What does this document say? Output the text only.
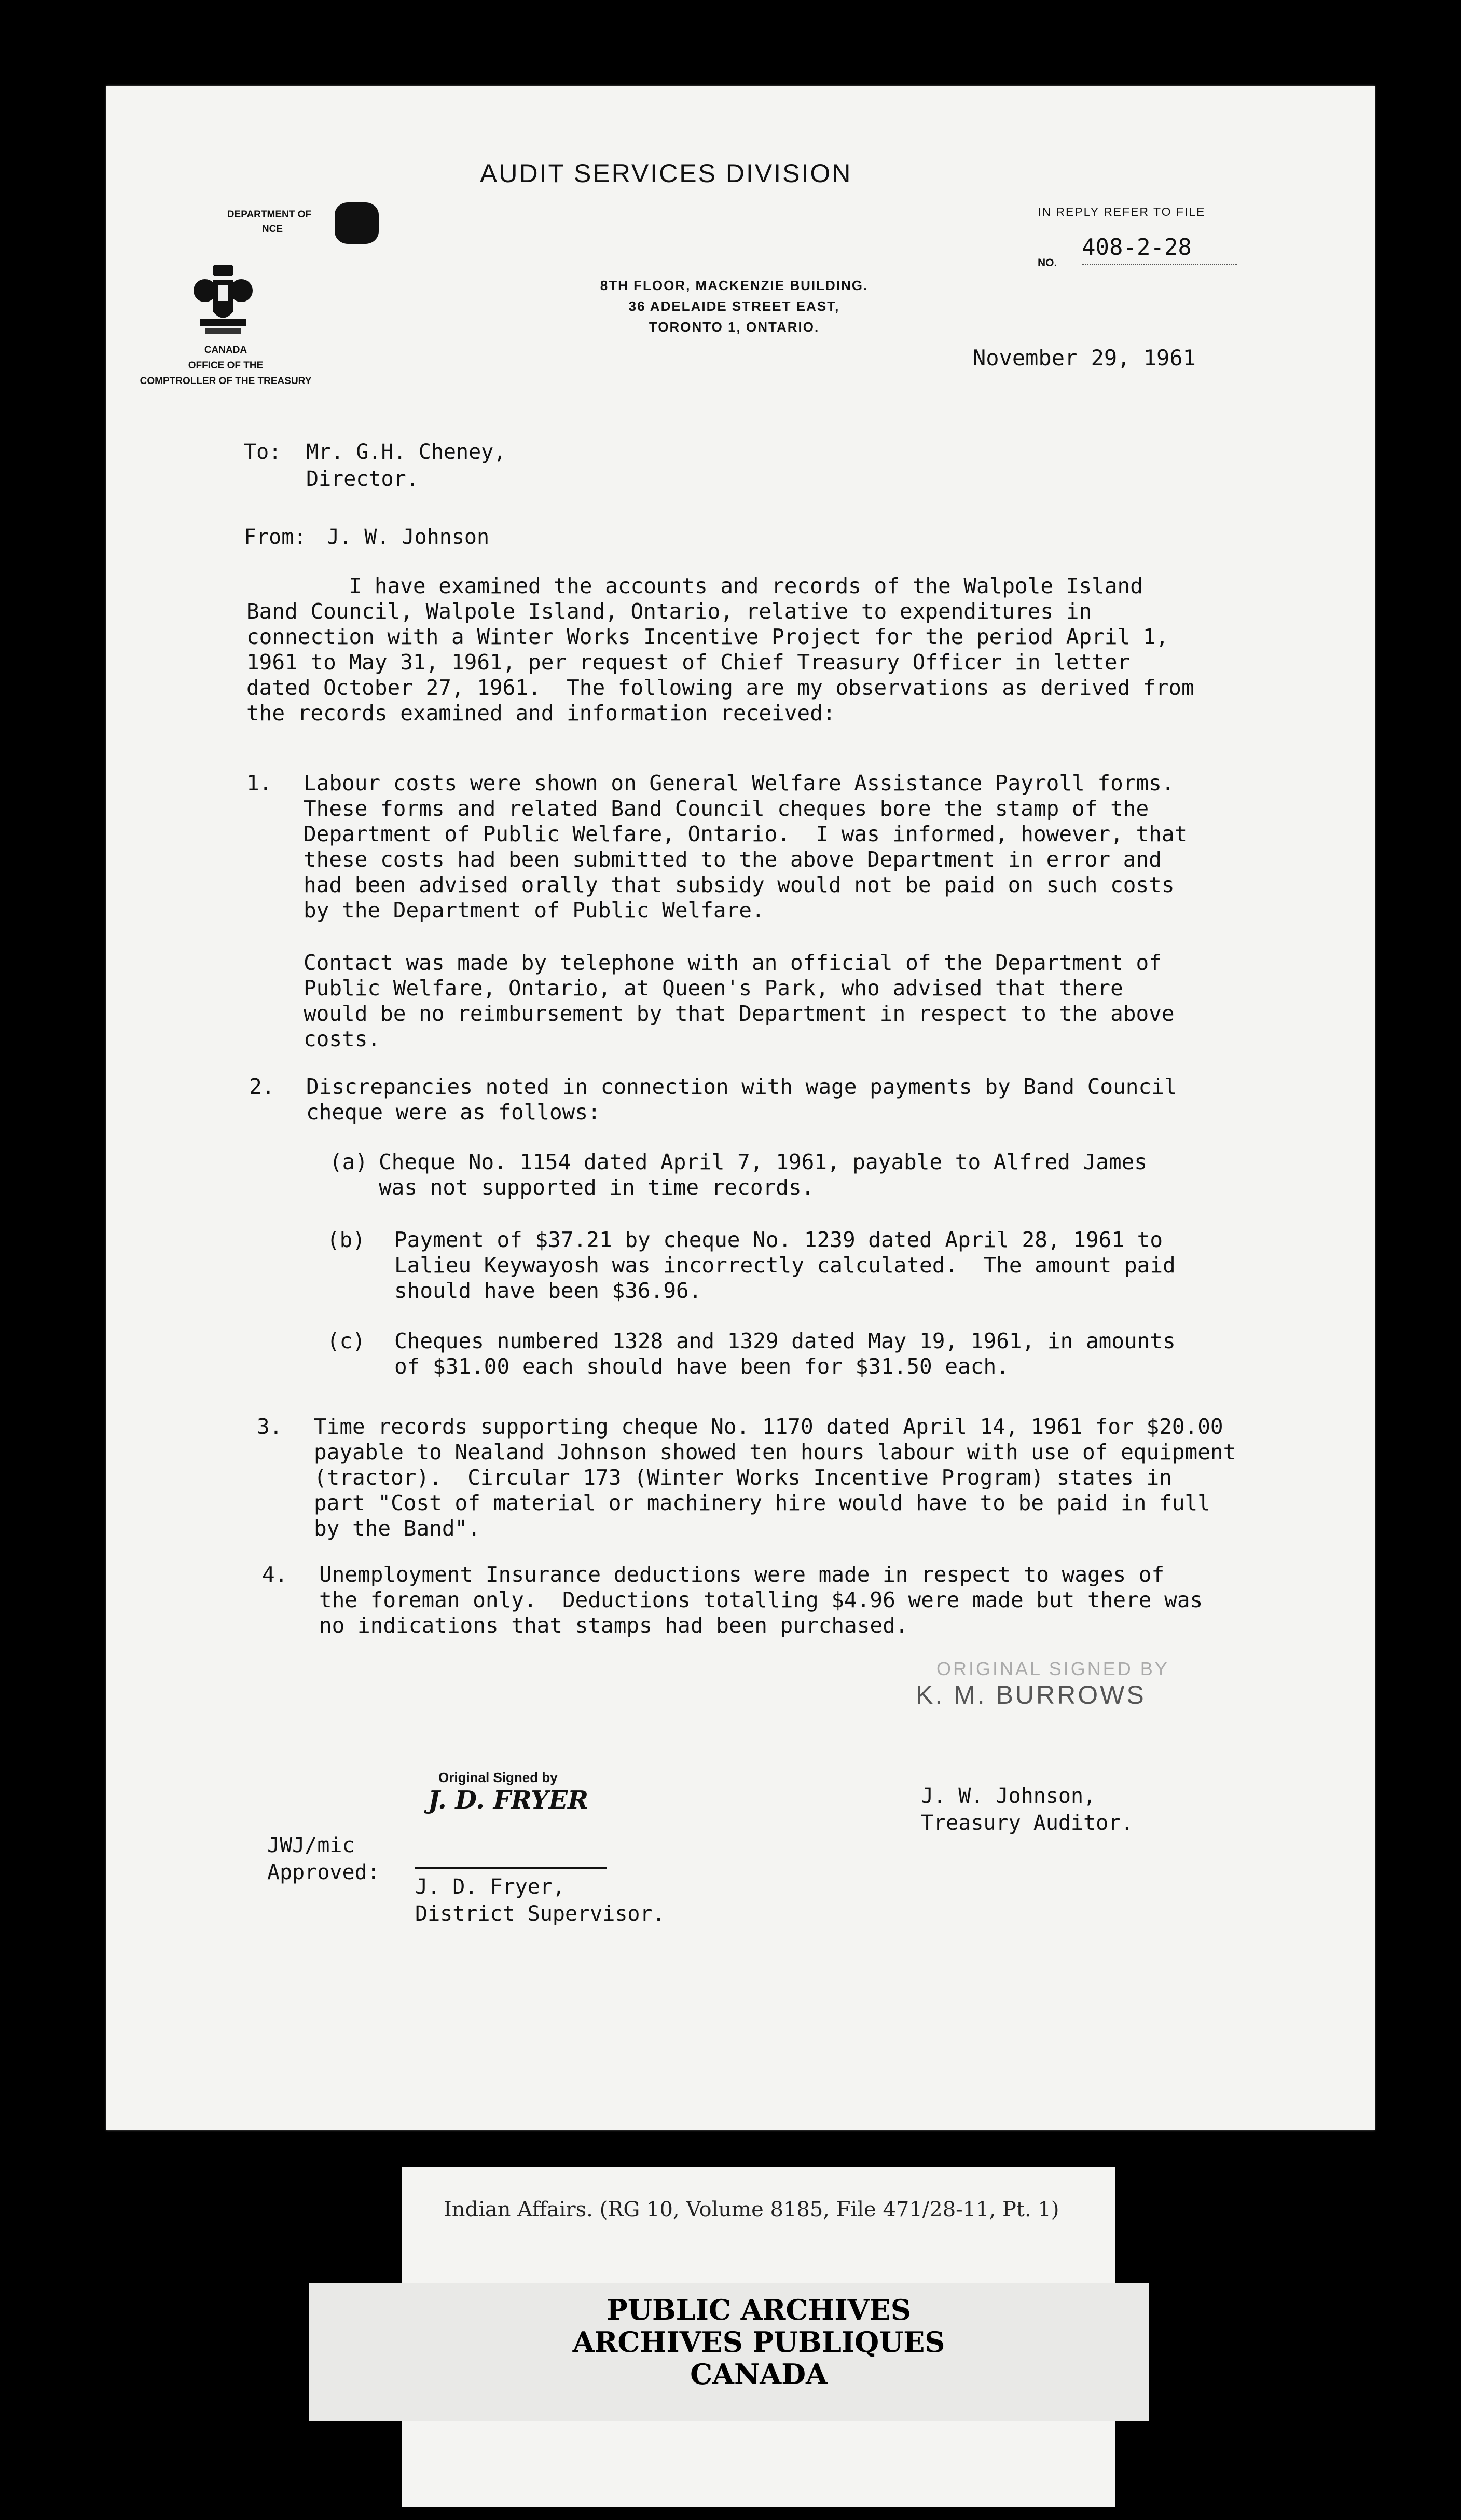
AUDIT SERVICES DIVISION
DEPARTMENT OF
NCE
CANADA
OFFICE OF THE
COMPTROLLER OF THE TREASURY
8TH FLOOR, MACKENZIE BUILDING.
36 ADELAIDE STREET EAST,
TORONTO 1, ONTARIO.
IN REPLY REFER TO FILE
NO.
408-2-28
November 29, 1961
To: Mr. G.H. Cheney,
Director.
From: J. W. Johnson
I have examined the accounts and records of the Walpole Island
Band Council, Walpole Island, Ontario, relative to expenditures in
connection with a Winter Works Incentive Project for the period April 1,
1961 to May 31, 1961, per request of Chief Treasury Officer in letter
dated October 27, 1961.  The following are my observations as derived from
the records examined and information received:
1. Labour costs were shown on General Welfare Assistance Payroll forms.
These forms and related Band Council cheques bore the stamp of the
Department of Public Welfare, Ontario.  I was informed, however, that
these costs had been submitted to the above Department in error and
had been advised orally that subsidy would not be paid on such costs
by the Department of Public Welfare.
Contact was made by telephone with an official of the Department of
Public Welfare, Ontario, at Queen's Park, who advised that there
would be no reimbursement by that Department in respect to the above
costs.
2. Discrepancies noted in connection with wage payments by Band Council
cheque were as follows:
(a) Cheque No. 1154 dated April 7, 1961, payable to Alfred James
was not supported in time records.
(b) Payment of $37.21 by cheque No. 1239 dated April 28, 1961 to
Lalieu Keywayosh was incorrectly calculated.  The amount paid
should have been $36.96.
(c) Cheques numbered 1328 and 1329 dated May 19, 1961, in amounts
of $31.00 each should have been for $31.50 each.
3. Time records supporting cheque No. 1170 dated April 14, 1961 for $20.00
payable to Nealand Johnson showed ten hours labour with use of equipment
(tractor).  Circular 173 (Winter Works Incentive Program) states in
part "Cost of material or machinery hire would have to be paid in full
by the Band".
4. Unemployment Insurance deductions were made in respect to wages of
the foreman only.  Deductions totalling $4.96 were made but there was
no indications that stamps had been purchased.
ORIGINAL SIGNED BY
K. M. BURROWS
J. W. Johnson,
Treasury Auditor.
Original Signed by
J. D. FRYER
JWJ/mic
Approved:
J. D. Fryer,
District Supervisor.
Indian Affairs. (RG 10, Volume 8185, File 471/28-11, Pt. 1)
PUBLIC ARCHIVES
ARCHIVES PUBLIQUES
CANADA
